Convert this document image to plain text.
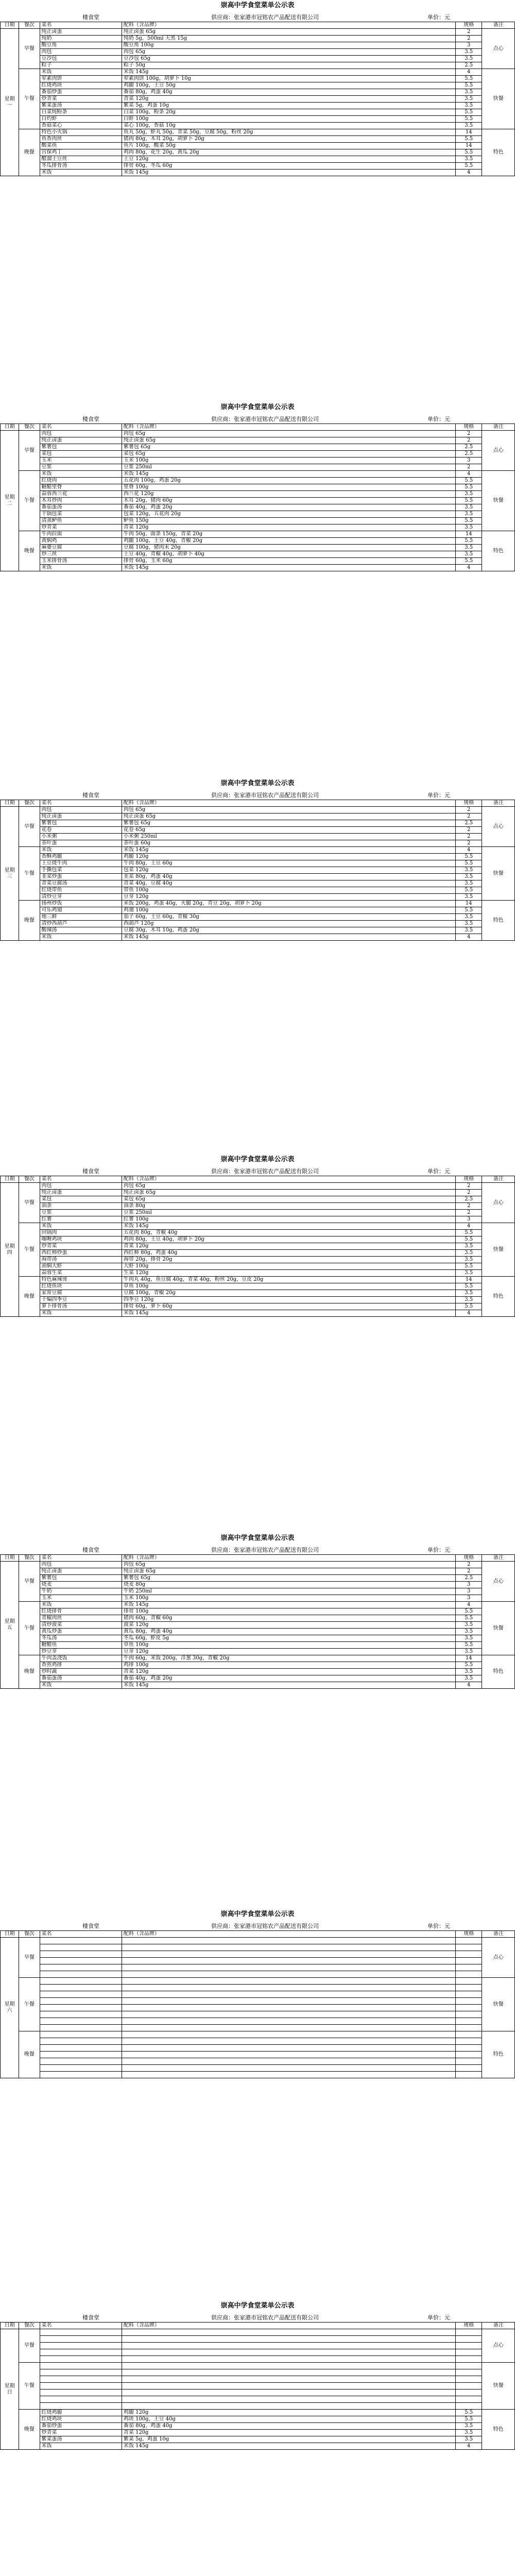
崇高中学食堂菜单公示表
楼食堂	供应商：张家港市冠铭农产品配送有限公司	单价：元
日期	餐次	菜名	配料（含品牌）	规格	备注
星期一	早餐	纯正卤蛋	纯正卤蛋 65g	2	点心
		纯奶	纯奶 5g，500ml 天黑 15g	2	
		酸豆角	酸豆角 100g	3	
		肉包	肉包 65g	3.5	
		豆沙包	豆沙包 65g	3.5	
		粽子	粽子 50g	2.5	
	午餐	米饭	米饭 145g	4	快餐
		荤素肉饼	荤素肉饼 100g，胡萝卜 10g	5.5	
		红烧鸡块	鸡腿 100g，土豆 50g	5.5	
		番茄炒蛋	番茄 80g，鸡蛋 40g	3.5	
		炒青菜	青菜 120g	3.5	
		紫菜蛋汤	紫菜 5g，鸡蛋 10g	3.5	
		白菜炖粉条	白菜 100g，粉条 20g	5.5	
		白灼虾	白虾 100g	5.5	
		香菇菜心	菜心 100g，香菇 10g	3.5	
	晚餐	特色小火锅	鱼丸 50g，虾丸 50g，青菜 50g，豆腐 50g，粉丝 20g	14	特色
		鱼香肉丝	猪肉 80g，木耳 20g，胡萝卜 20g	5.5	
		酸菜鱼	鱼片 100g，酸菜 50g	14	
		宫保鸡丁	鸡肉 80g，花生 20g，黄瓜 20g	5.5	
		醋溜土豆丝	土豆 120g	3.5	
		冬瓜排骨汤	排骨 60g，冬瓜 60g	5.5	
		米饭	米饭 145g	4	
崇高中学食堂菜单公示表
楼食堂	供应商：张家港市冠铭农产品配送有限公司	单价：元
日期	餐次	菜名	配料（含品牌）	规格	备注
星期二	早餐	肉包	肉包 65g	2	点心
		纯正卤蛋	纯正卤蛋 65g	2	
		紫薯包	紫薯包 65g	2.5	
		菜包	菜包 65g	2.5	
		玉米	玉米 100g	3	
		豆浆	豆浆 250ml	2	
	午餐	米饭	米饭 145g	4	快餐
		红烧肉	五花肉 100g，鸡蛋 20g	5.5	
		糖醋里脊	里脊 100g	5.5	
		蒜蓉西兰花	西兰花 120g	3.5	
		木耳炒肉	木耳 20g，猪肉 60g	5.5	
		番茄蛋汤	番茄 40g，鸡蛋 20g	3.5	
		干锅包菜	包菜 120g，五花肉 20g	3.5	
		清蒸鲈鱼	鲈鱼 150g	5.5	
		炒青菜	青菜 120g	3.5	
	晚餐	牛肉拉面	牛肉 50g，面条 150g，青菜 20g	14	特色
		黄焖鸡	鸡腿 100g，土豆 40g，青椒 20g	5.5	
		麻婆豆腐	豆腐 100g，猪肉末 20g	3.5	
		炒三丝	土豆 40g，青椒 40g，胡萝卜 40g	3.5	
		玉米排骨汤	排骨 60g，玉米 60g	5.5	
		米饭	米饭 145g	4	
崇高中学食堂菜单公示表
楼食堂	供应商：张家港市冠铭农产品配送有限公司	单价：元
日期	餐次	菜名	配料（含品牌）	规格	备注
星期三	早餐	肉包	肉包 65g	2	点心
		纯正卤蛋	纯正卤蛋 65g	2	
		紫薯包	紫薯包 65g	2.5	
		花卷	花卷 65g	2	
		小米粥	小米粥 250ml	2	
		茶叶蛋	茶叶蛋 60g	2	
	午餐	米饭	米饭 145g	4	快餐
		香酥鸡腿	鸡腿 120g	5.5	
		土豆烧牛肉	牛肉 80g，土豆 60g	5.5	
		手撕包菜	包菜 120g	3.5	
		韭菜炒蛋	韭菜 80g，鸡蛋 40g	3.5	
		青菜豆腐汤	青菜 40g，豆腐 40g	3.5	
		红烧带鱼	带鱼 100g	5.5	
		清炒豆芽	豆芽 120g	3.5	
	晚餐	扬州炒饭	米饭 200g，鸡蛋 40g，火腿 20g，青豆 20g，胡萝卜 20g	14	特色
		可乐鸡翅	鸡翅 100g	5.5	
		地三鲜	茄子 60g，土豆 60g，青椒 30g	3.5	
		清炒西葫芦	西葫芦 120g	3.5	
		酸辣汤	豆腐 30g，木耳 10g，鸡蛋 20g	3.5	
		米饭	米饭 145g	4	
崇高中学食堂菜单公示表
楼食堂	供应商：张家港市冠铭农产品配送有限公司	单价：元
日期	餐次	菜名	配料（含品牌）	规格	备注
星期四	早餐	肉包	肉包 65g	2	点心
		纯正卤蛋	纯正卤蛋 65g	2	
		菜包	菜包 65g	2.5	
		油条	油条 80g	2	
		豆浆	豆浆 250ml	2	
		红薯	红薯 100g	3	
	午餐	米饭	米饭 145g	4	快餐
		回锅肉	五花肉 80g，青椒 40g	5.5	
		咖喱鸡块	鸡肉 80g，土豆 40g，胡萝卜 20g	5.5	
		炒青菜	青菜 120g	3.5	
		西红柿炒蛋	西红柿 80g，鸡蛋 40g	3.5	
		海带汤	海带 20g，排骨 20g	3.5	
		油焖大虾	大虾 100g	5.5	
		蒜蓉生菜	生菜 120g	3.5	
	晚餐	特色麻辣烫	牛肉丸 40g，鱼豆腐 40g，青菜 40g，粉丝 20g，豆皮 20g	14	特色
		红烧鱼块	草鱼 100g	5.5	
		家常豆腐	豆腐 100g，青椒 20g	3.5	
		干煸四季豆	四季豆 120g	3.5	
		萝卜排骨汤	排骨 60g，萝卜 60g	5.5	
		米饭	米饭 145g	4	
崇高中学食堂菜单公示表
楼食堂	供应商：张家港市冠铭农产品配送有限公司	单价：元
日期	餐次	菜名	配料（含品牌）	规格	备注
星期五	早餐	肉包	肉包 65g	2	点心
		纯正卤蛋	纯正卤蛋 65g	2	
		紫薯包	紫薯包 65g	2.5	
		烧麦	烧麦 80g	3	
		牛奶	牛奶 250ml	3	
		玉米	玉米 100g	3	
	午餐	米饭	米饭 145g	4	快餐
		红烧排骨	排骨 100g	5.5	
		青椒肉丝	猪肉 60g，青椒 60g	5.5	
		清炒菠菜	菠菜 120g	3.5	
		黄瓜炒蛋	黄瓜 80g，鸡蛋 40g	3.5	
		冬瓜汤	冬瓜 60g，虾皮 5g	3.5	
		糖醋鱼	草鱼 100g	5.5	
		炒豆芽	豆芽 120g	3.5	
	晚餐	牛肉盖浇饭	牛肉 60g，米饭 200g，洋葱 30g，青椒 20g	14	特色
		香煎鸡排	鸡排 100g	5.5	
		炒时蔬	青菜 120g	3.5	
		番茄蛋汤	番茄 40g，鸡蛋 20g	3.5	
		米饭	米饭 145g	4	
崇高中学食堂菜单公示表
楼食堂	供应商：张家港市冠铭农产品配送有限公司	单价：元
日期	餐次	菜名	配料（含品牌）	规格	备注
星期六	早餐				点心

	午餐				快餐

	晚餐				特色

崇高中学食堂菜单公示表
楼食堂	供应商：张家港市冠铭农产品配送有限公司	单价：元
日期	餐次	菜名	配料（含品牌）	规格	备注
星期日	早餐				点心

	午餐				快餐

	晚餐	红烧鸡腿	鸡腿 120g	5.5	特色
		红烧鸡块	鸡块 100g，土豆 40g	5.5	
		番茄炒蛋	番茄 80g，鸡蛋 40g	3.5	
		炒青菜	青菜 120g	3.5	
		紫菜蛋汤	紫菜 5g，鸡蛋 10g	3.5	
		米饭	米饭 145g	4	
